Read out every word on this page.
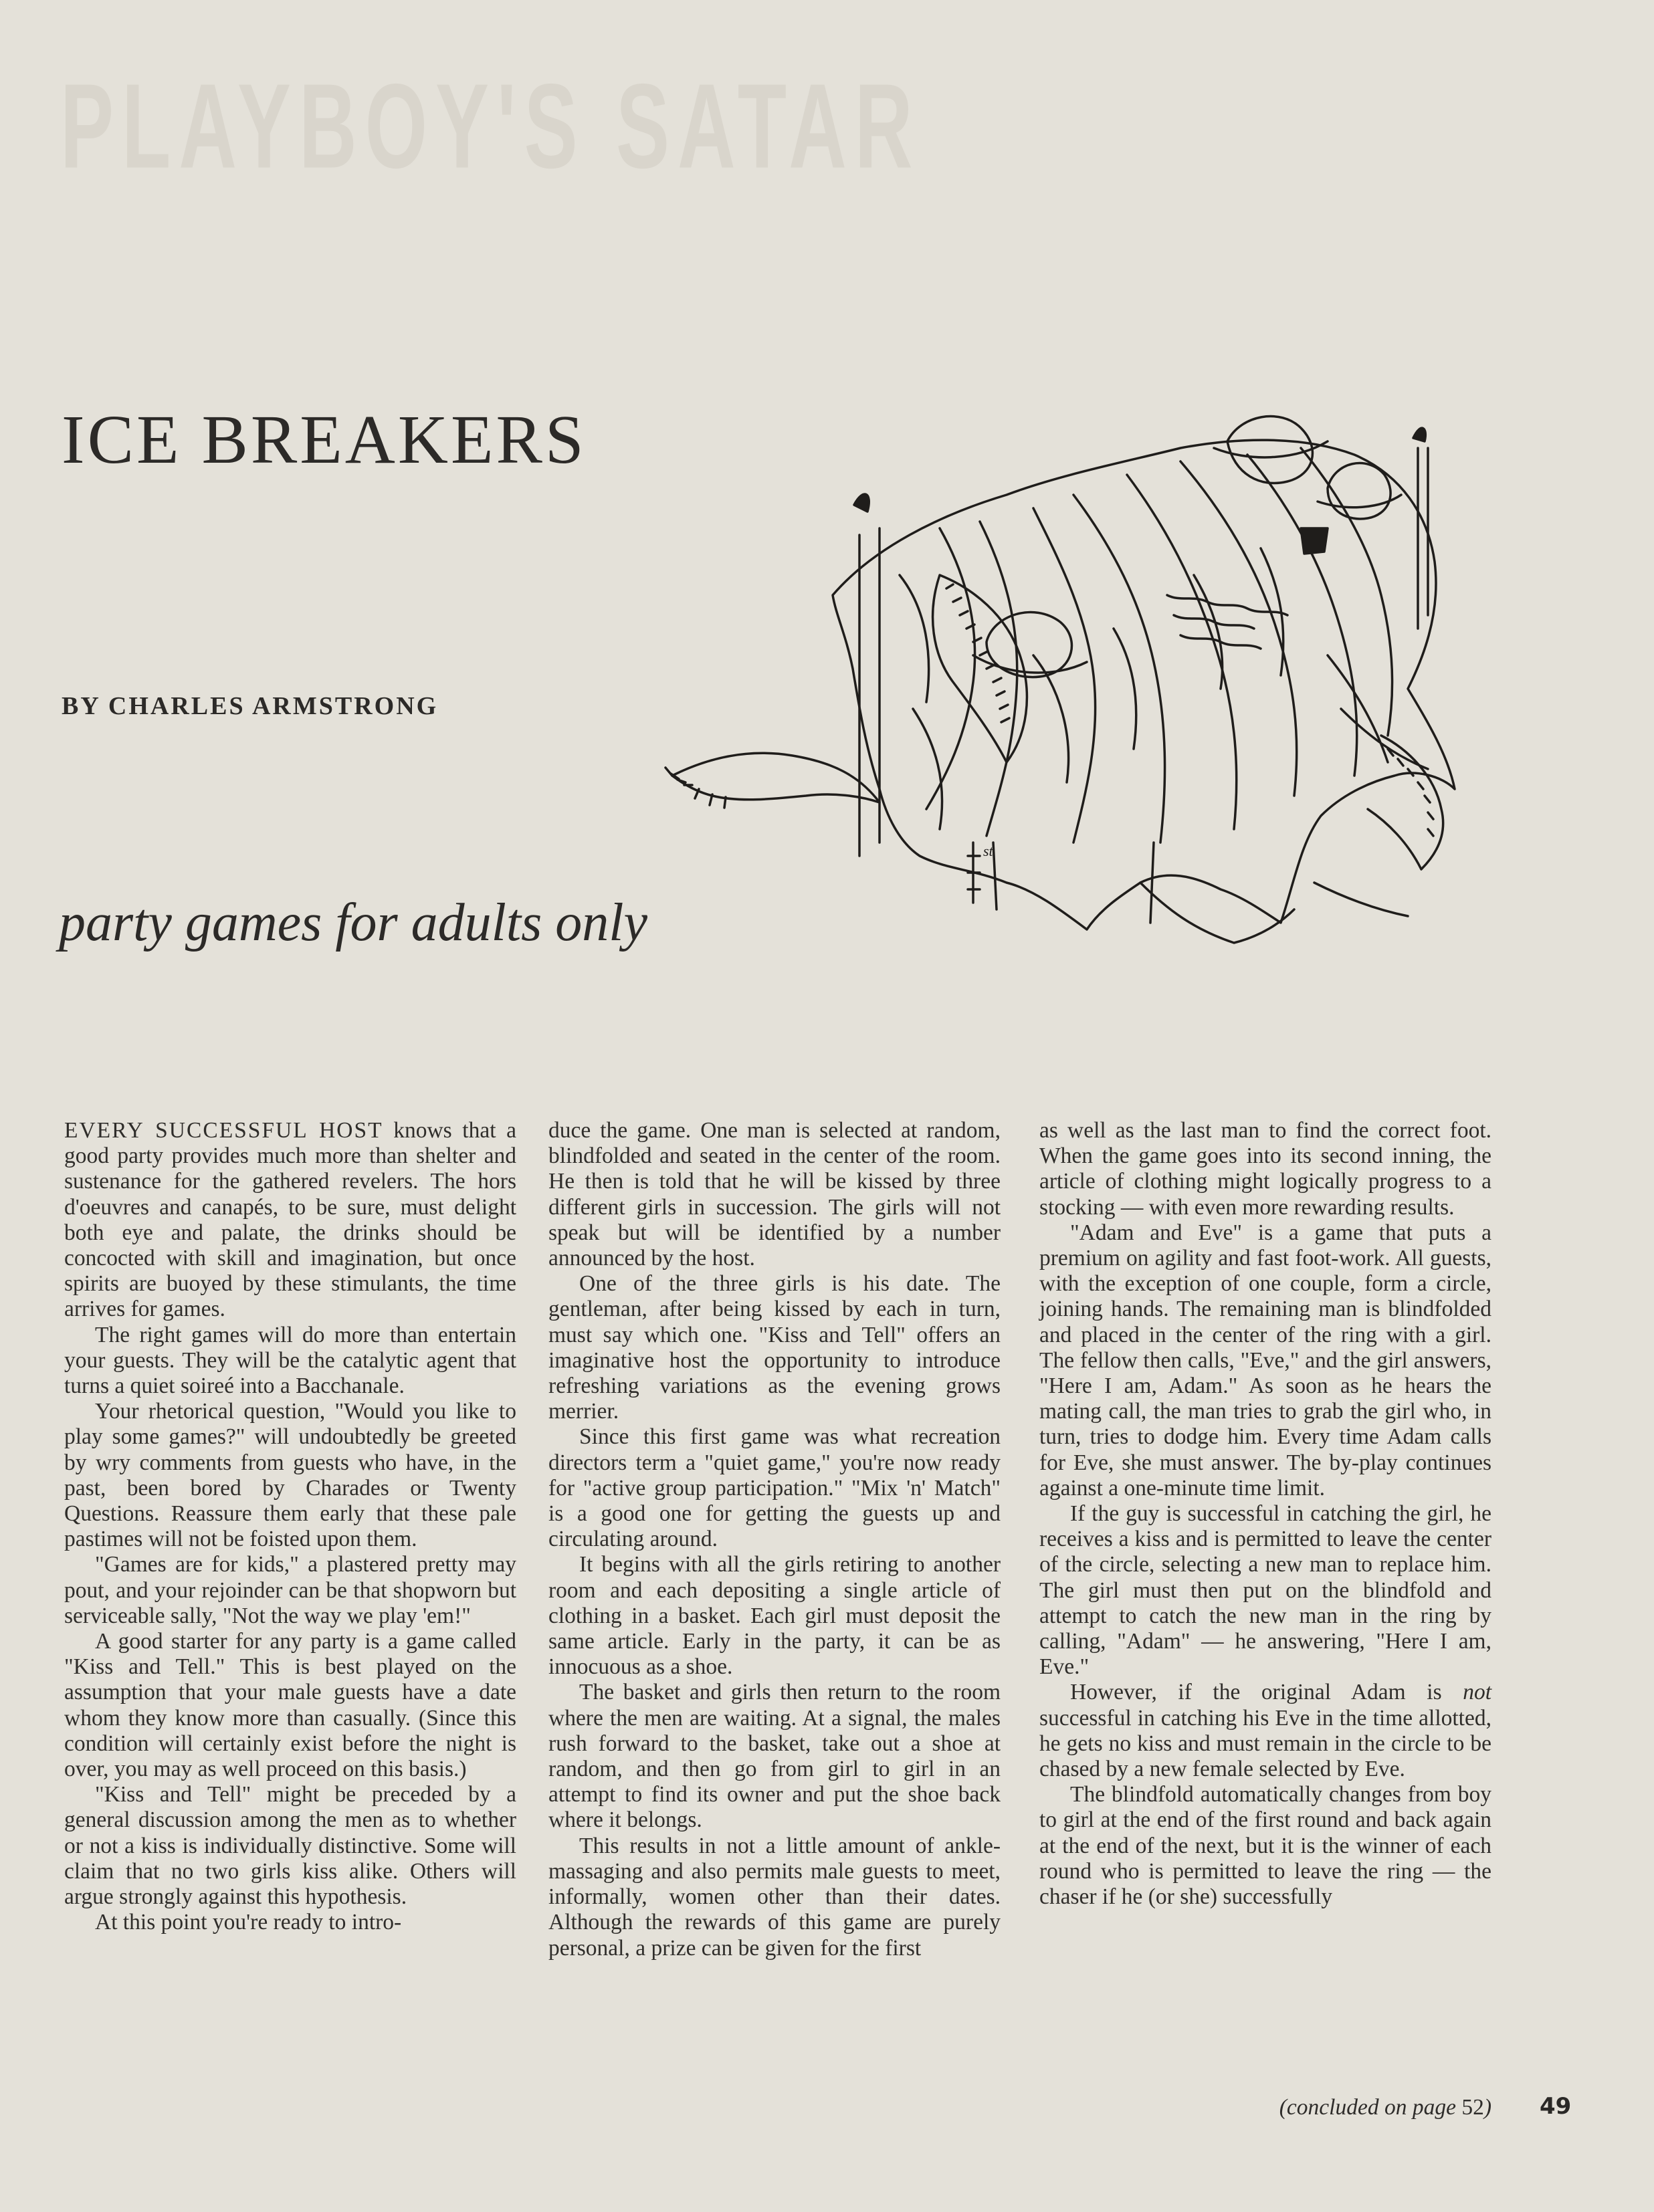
PLAYBOY'S SATAR
ICE BREAKERS
BY CHARLES ARMSTRONG
party games for adults only
st

EVERY SUCCESSFUL HOST knows that a good party provides much more than shelter and sustenance for the gathered revelers. The hors d'oeuvres and canapés, to be sure, must delight both eye and palate, the drinks should be concocted with skill and imagination, but once spirits are buoyed by these stimulants, the time arrives for games.

The right games will do more than entertain your guests. They will be the catalytic agent that turns a quiet soireé into a Bacchanale.

Your rhetorical question, "Would you like to play some games?" will undoubtedly be greeted by wry comments from guests who have, in the past, been bored by Charades or Twenty Questions. Reassure them early that these pale pastimes will not be foisted upon them.

"Games are for kids," a plastered pretty may pout, and your rejoinder can be that shopworn but serviceable sally, "Not the way we play 'em!"

A good starter for any party is a game called "Kiss and Tell." This is best played on the assumption that your male guests have a date whom they know more than casually. (Since this condition will certainly exist before the night is over, you may as well proceed on this basis.)

"Kiss and Tell" might be preceded by a general discussion among the men as to whether or not a kiss is individually distinctive. Some will claim that no two girls kiss alike. Others will argue strongly against this hypothesis.

At this point you're ready to intro-

duce the game. One man is selected at random, blindfolded and seated in the center of the room. He then is told that he will be kissed by three different girls in succession. The girls will not speak but will be identified by a number announced by the host.

One of the three girls is his date. The gentleman, after being kissed by each in turn, must say which one. "Kiss and Tell" offers an imaginative host the opportunity to introduce refreshing variations as the evening grows merrier.

Since this first game was what recreation directors term a "quiet game," you're now ready for "active group participation." "Mix 'n' Match" is a good one for getting the guests up and circulating around.

It begins with all the girls retiring to another room and each depositing a single article of clothing in a basket. Each girl must deposit the same article. Early in the party, it can be as innocuous as a shoe.

The basket and girls then return to the room where the men are waiting. At a signal, the males rush forward to the basket, take out a shoe at random, and then go from girl to girl in an attempt to find its owner and put the shoe back where it belongs.

This results in not a little amount of ankle-massaging and also permits male guests to meet, informally, women other than their dates. Although the rewards of this game are purely personal, a prize can be given for the first

as well as the last man to find the correct foot. When the game goes into its second inning, the article of clothing might logically progress to a stocking — with even more rewarding results.

"Adam and Eve" is a game that puts a premium on agility and fast foot-work. All guests, with the exception of one couple, form a circle, joining hands. The remaining man is blindfolded and placed in the center of the ring with a girl. The fellow then calls, "Eve," and the girl answers, "Here I am, Adam." As soon as he hears the mating call, the man tries to grab the girl who, in turn, tries to dodge him. Every time Adam calls for Eve, she must answer. The by-play continues against a one-minute time limit.

If the guy is successful in catching the girl, he receives a kiss and is permitted to leave the center of the circle, selecting a new man to replace him. The girl must then put on the blindfold and attempt to catch the new man in the ring by calling, "Adam" — he answering, "Here I am, Eve."

However, if the original Adam is not successful in catching his Eve in the time allotted, he gets no kiss and must remain in the circle to be chased by a new female selected by Eve.

The blindfold automatically changes from boy to girl at the end of the first round and back again at the end of the next, but it is the winner of each round who is permitted to leave the ring — the chaser if he (or she) successfully

(concluded on page 52) 49
